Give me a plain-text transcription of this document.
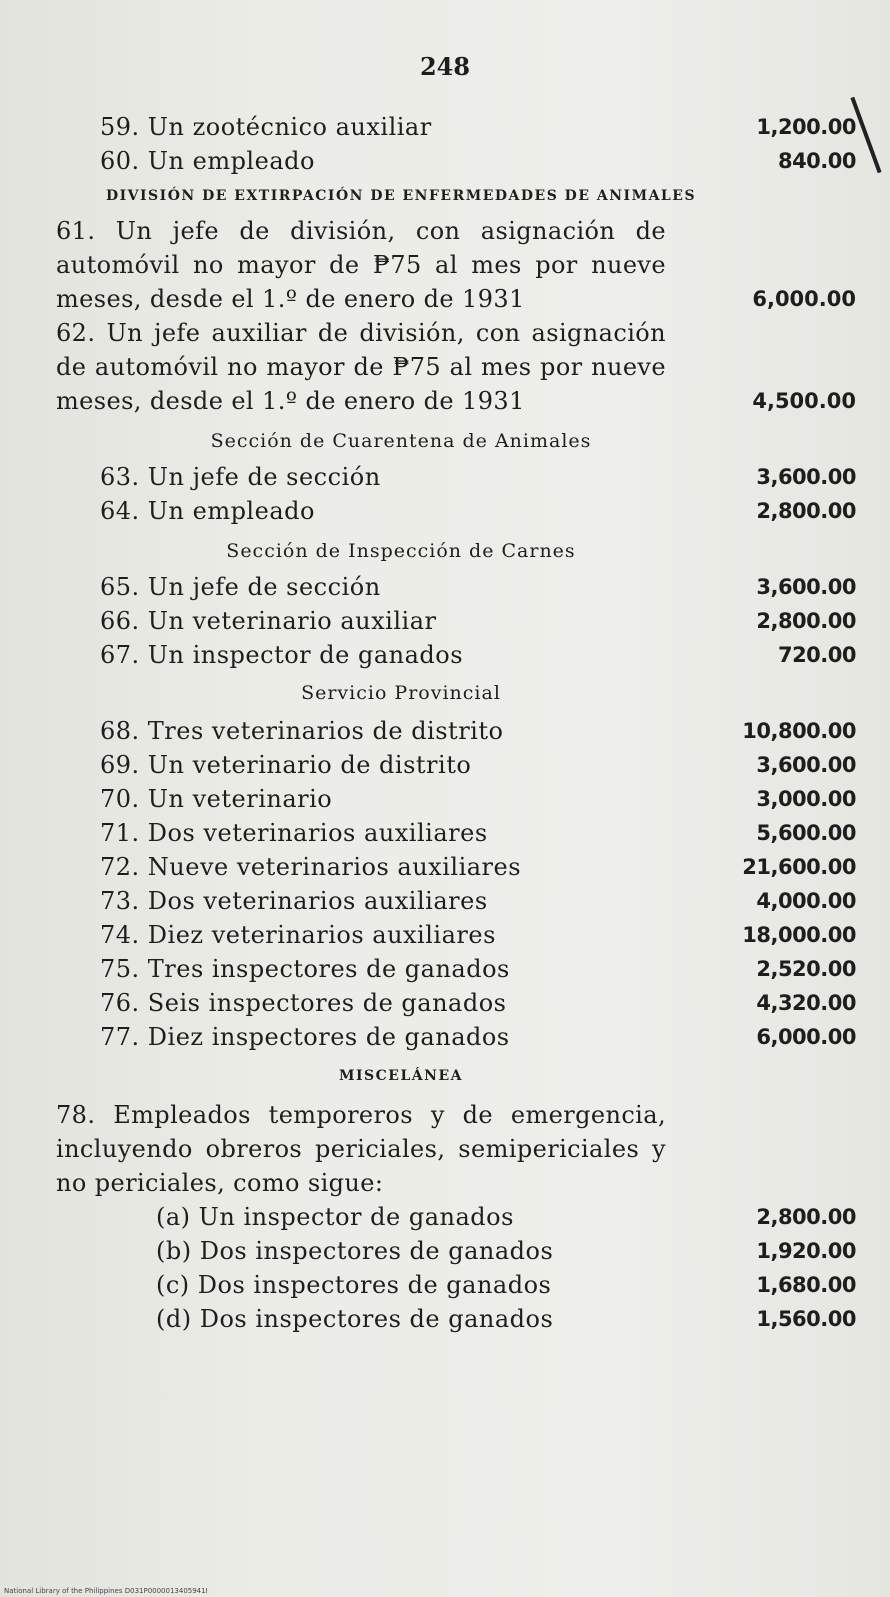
248
59. Un zootécnico auxiliar	1,200.00
60. Un empleado	840.00
DIVISIÓN DE EXTIRPACIÓN DE ENFERMEDADES DE ANIMALES
61. Un jefe de división, con asignación de automóvil no mayor de ₱75 al mes por nueve meses, desde el 1.º de enero de 1931	6,000.00
62. Un jefe auxiliar de división, con asignación de automóvil no mayor de ₱75 al mes por nueve meses, desde el 1.º de enero de 1931	4,500.00
Sección de Cuarentena de Animales
63. Un jefe de sección	3,600.00
64. Un empleado	2,800.00
Sección de Inspección de Carnes
65. Un jefe de sección	3,600.00
66. Un veterinario auxiliar	2,800.00
67. Un inspector de ganados	720.00
Servicio Provincial
68. Tres veterinarios de distrito	10,800.00
69. Un veterinario de distrito	3,600.00
70. Un veterinario	3,000.00
71. Dos veterinarios auxiliares	5,600.00
72. Nueve veterinarios auxiliares	21,600.00
73. Dos veterinarios auxiliares	4,000.00
74. Diez veterinarios auxiliares	18,000.00
75. Tres inspectores de ganados	2,520.00
76. Seis inspectores de ganados	4,320.00
77. Diez inspectores de ganados	6,000.00
MISCELÁNEA
78. Empleados temporeros y de emergencia, incluyendo obreros periciales, semipericiales y no periciales, como sigue:
(a) Un inspector de ganados	2,800.00
(b) Dos inspectores de ganados	1,920.00
(c) Dos inspectores de ganados	1,680.00
(d) Dos inspectores de ganados	1,560.00
National Library of the Philippines D031P0000013405941I
